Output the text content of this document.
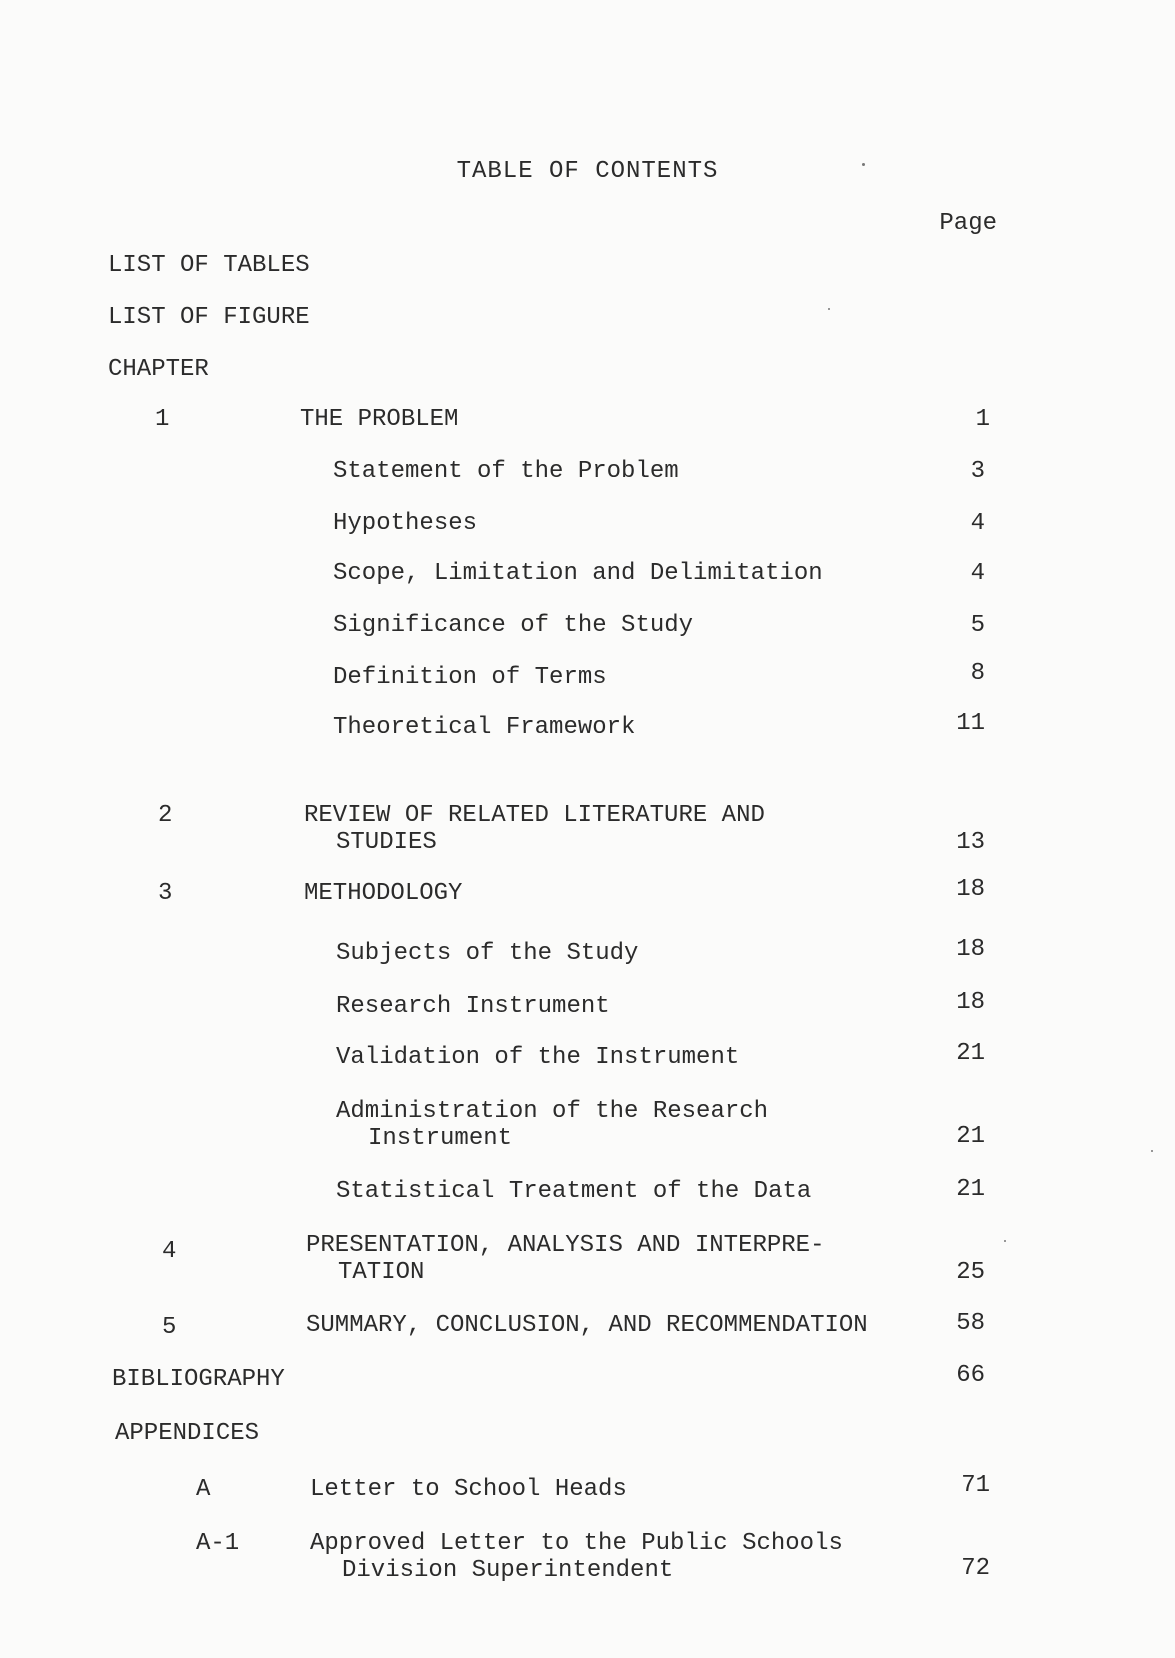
TABLE OF CONTENTS
Page
LIST OF TABLES
LIST OF FIGURE
CHAPTER
1	THE PROBLEM	1
Statement of the Problem	3
Hypotheses	4
Scope, Limitation and Delimitation	4
Significance of the Study	5
Definition of Terms	8
Theoretical Framework	11
2	REVIEW OF RELATED LITERATURE AND
STUDIES	13
3	METHODOLOGY	18
Subjects of the Study	18
Research Instrument	18
Validation of the Instrument	21
Administration of the Research
Instrument	21
Statistical Treatment of the Data	21
4	PRESENTATION, ANALYSIS AND INTERPRE-
TATION	25
5	SUMMARY, CONCLUSION, AND RECOMMENDATION	58
BIBLIOGRAPHY	66
APPENDICES
A	Letter to School Heads	71
A-1	Approved Letter to the Public Schools
Division Superintendent	72
